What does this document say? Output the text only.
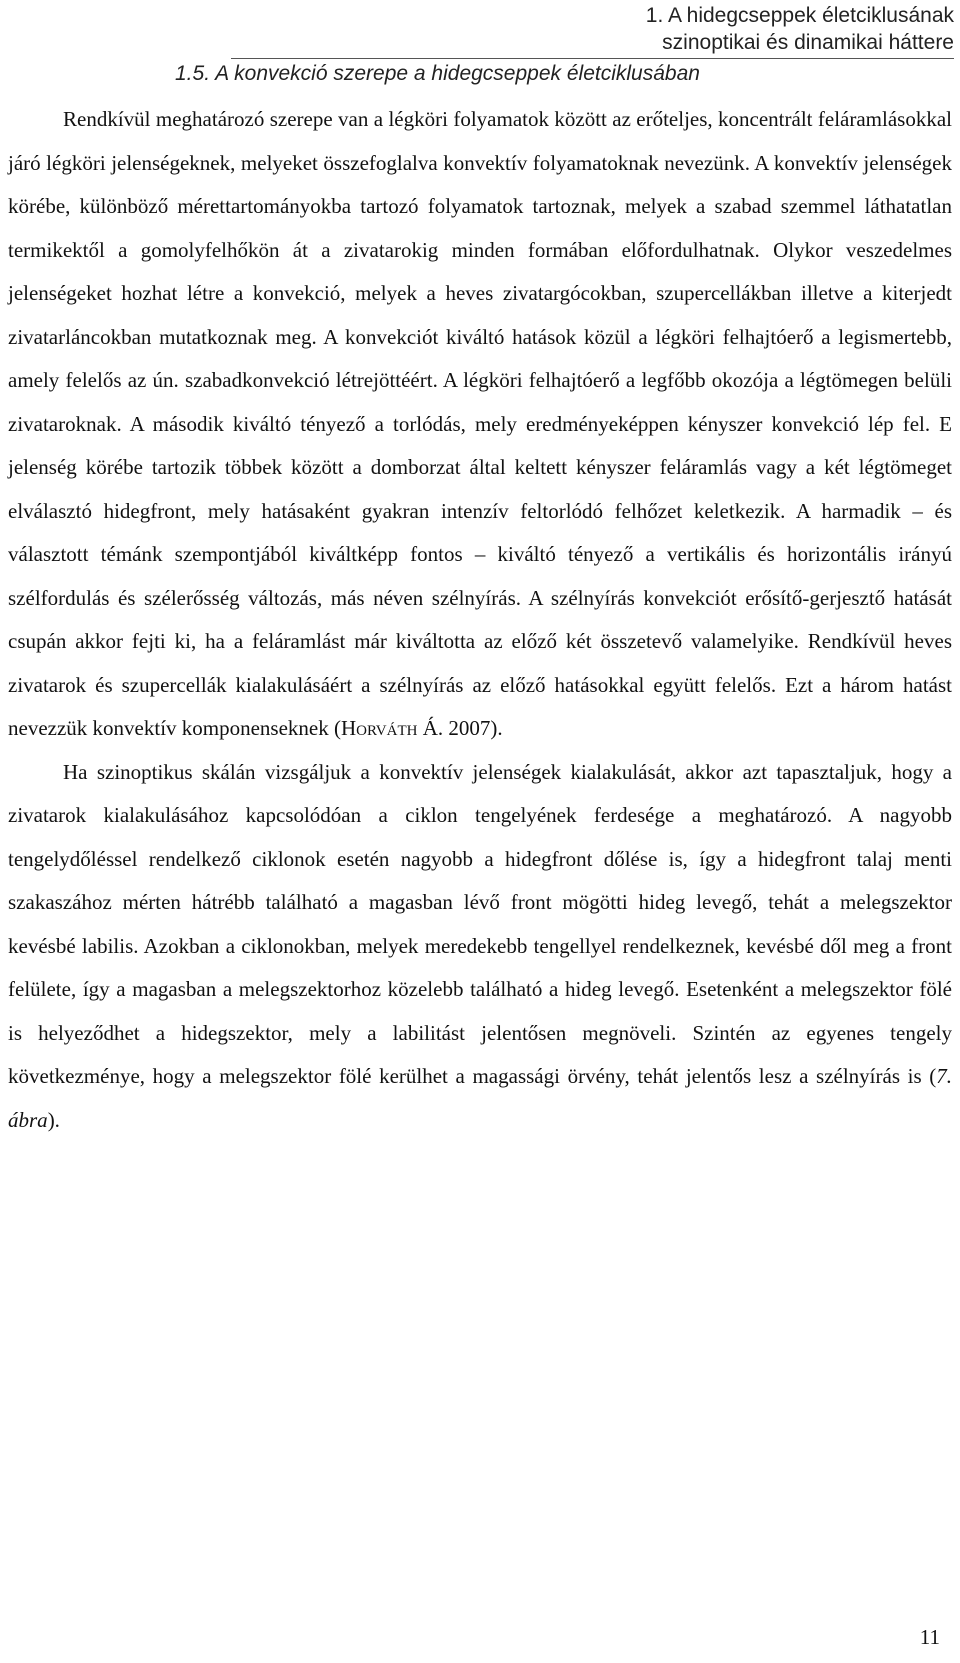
1. A hidegcseppek életciklusának
szinoptikai és dinamikai háttere
1.5. A konvekció szerepe a hidegcseppek életciklusában

Rendkívül meghatározó szerepe van a légköri folyamatok között az erőteljes, koncentrált feláramlásokkal járó légköri jelenségeknek, melyeket összefoglalva konvektív folyamatoknak nevezünk. A konvektív jelenségek körébe, különböző mérettartományokba tartozó folyamatok tartoznak, melyek a szabad szemmel láthatatlan termikektől a gomolyfelhőkön át a zivatarokig minden formában előfordulhatnak. Olykor veszedelmes jelenségeket hozhat létre a konvekció, melyek a heves zivatargócokban, szupercellákban illetve a kiterjedt zivatarláncokban mutatkoznak meg. A konvekciót kiváltó hatások közül a légköri felhajtóerő a legismertebb, amely felelős az ún. szabadkonvekció létrejöttéért. A légköri felhajtóerő a legfőbb okozója a légtömegen belüli zivataroknak. A második kiváltó tényező a torlódás, mely eredményeképpen kényszer konvekció lép fel. E jelenség körébe tartozik többek között a domborzat által keltett kényszer feláramlás vagy a két légtömeget elválasztó hidegfront, mely hatásaként gyakran intenzív feltorlódó felhőzet keletkezik. A harmadik – és választott témánk szempontjából kiváltképp fontos – kiváltó tényező a vertikális és horizontális irányú szélfordulás és szélerősség változás, más néven szélnyírás. A szélnyírás konvekciót erősítő-gerjesztő hatását csupán akkor fejti ki, ha a feláramlást már kiváltotta az előző két összetevő valamelyike. Rendkívül heves zivatarok és szupercellák kialakulásáért a szélnyírás az előző hatásokkal együtt felelős. Ezt a három hatást nevezzük konvektív komponenseknek (Horváth Á. 2007).

Ha szinoptikus skálán vizsgáljuk a konvektív jelenségek kialakulását, akkor azt tapasztaljuk, hogy a zivatarok kialakulásához kapcsolódóan a ciklon tengelyének ferdesége a meghatározó. A nagyobb tengelydőléssel rendelkező ciklonok esetén nagyobb a hidegfront dőlése is, így a hidegfront talaj menti szakaszához mérten hátrébb található a magasban lévő front mögötti hideg levegő, tehát a melegszektor kevésbé labilis. Azokban a ciklonokban, melyek meredekebb tengellyel rendelkeznek, kevésbé dől meg a front felülete, így a magasban a melegszektorhoz közelebb található a hideg levegő. Esetenként a melegszektor fölé is helyeződhet a hidegszektor, mely a labilitást jelentősen megnöveli. Szintén az egyenes tengely következménye, hogy a melegszektor fölé kerülhet a magassági örvény, tehát jelentős lesz a szélnyírás is (7. ábra).

11
